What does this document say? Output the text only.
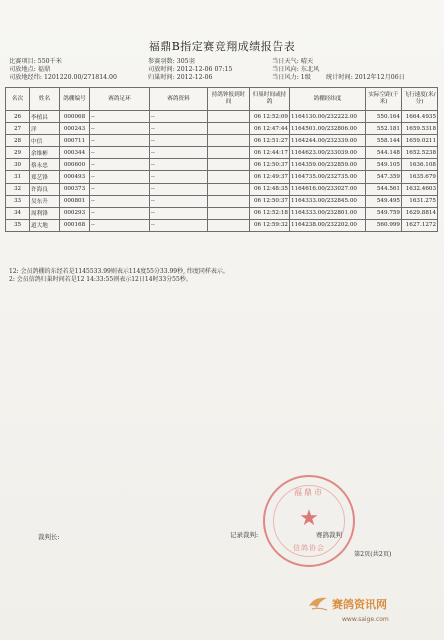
福鼎B指定赛竞翔成绩报告表
比赛项目: 550千米
司放地点: 福鼎
司放地经纬: 1201220.00/271814.00
参赛羽数: 305羽
司放时间: 2012-12-06 07:15
归巢时间: 2012-12-06
当日天气: 晴天
当日风向: 东北风
当日风力: 1级	统计时间: 2012年12月06日
名次	姓名	鸽棚编号	赛鸽足环	赛鸽资料	持鸽钟报到时间	归巢时间或持鸽	鸽棚经纬度	实际空距(千米)	飞行速度(米/分)
26	李植昌	000068	--	--		06 12:52:09	1164130.00/232222.00	550.164	1664.4935
27	洋	000243	--	--		06 12:47:44	1164501.00/232806.00	552.181	1659.5318
28	中信	000711	--	--		06 12:51:27	1164244.00/232339.00	558.144	1659.0211
29	余维彬	000344	--	--		06 12:44:17	1164623.00/233039.00	544.148	1652.5238
30	蔡永忠	000600	--	--		06 12:50:37	1164359.00/232859.00	549.105	1636.108
31	郑艺锋	000493	--	--		06 12:49:37	1164735.00/232735.00	547.359	1635.679
32	许海良	000373	--	--		06 12:48:35	1164616.00/233027.00	544.561	1632.4603
33	吴东升	000801	--	--		06 12:50:37	1164333.00/232845.00	549.495	1631.275
34	周利锋	000293	--	--		06 12:52:18	1164333.00/232801.00	549.759	1629.8814
35	道大地	000168	--	--		06 12:59:32	1164238.00/232202.00	560.999	1627.1272
12: 会员鸽棚的东经若是1145533.99则表示114度55分33.99秒, 纬度同样表示。
2: 会员信鸽归巢时间若是12 14:33:55则表示12日14时33分55秒。
裁判长:	记录裁判:	赛鸽裁判
福鼎市
★
信鸽协会
第2页(共2页)
赛鸽资讯网
www.saige.com
